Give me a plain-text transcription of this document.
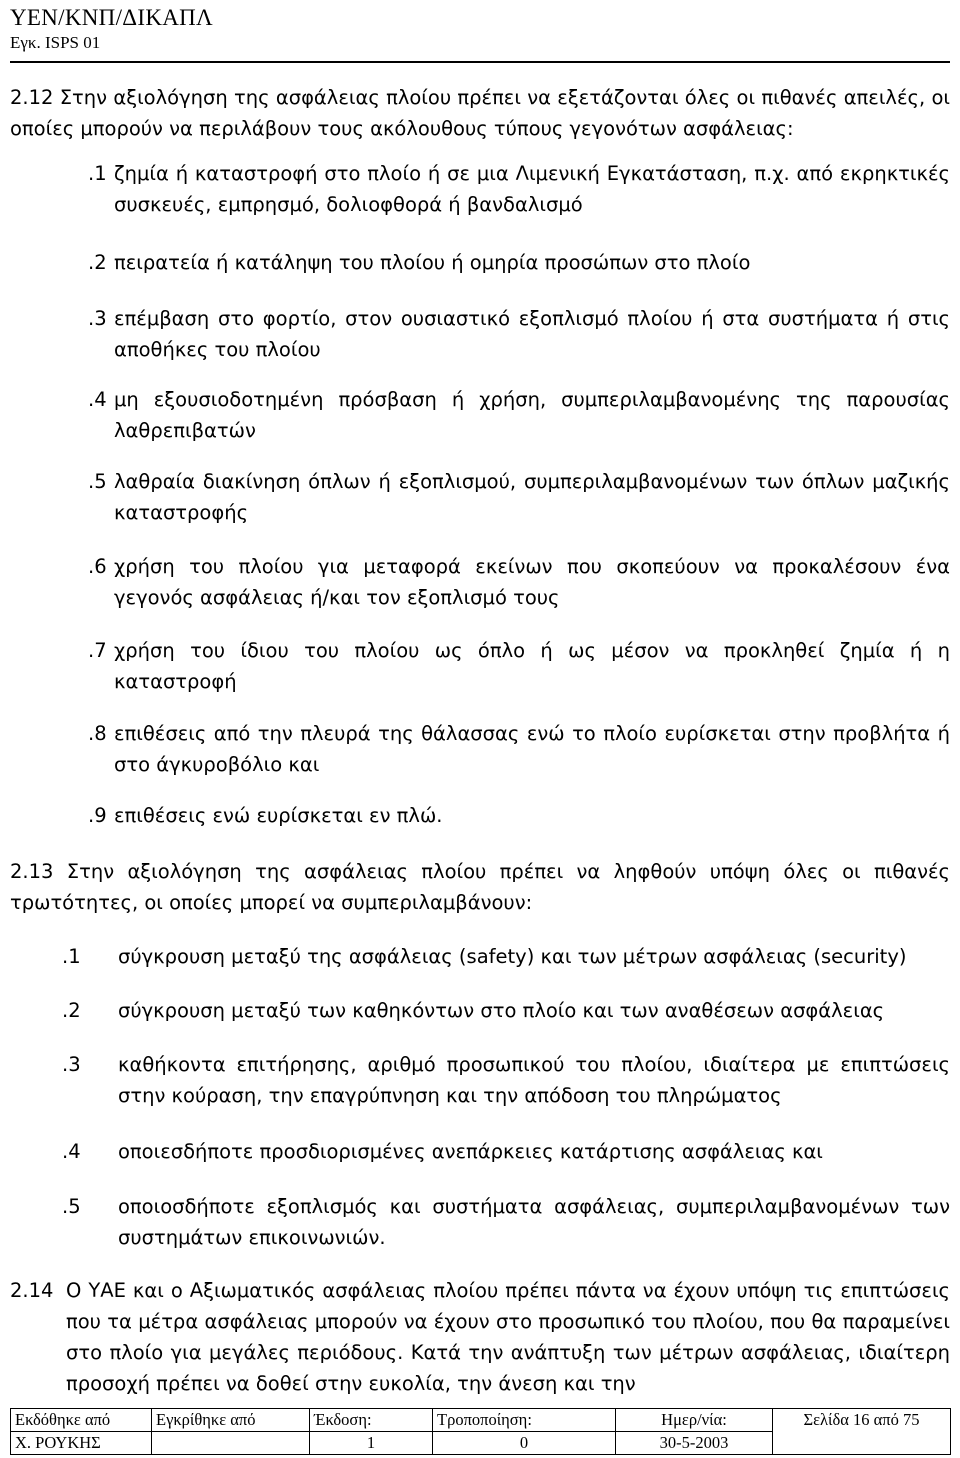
ΥΕΝ/ΚΝΠ/ΔΙΚΑΠΛ
Εγκ. ISPS 01

2.12 Στην αξιολόγηση της ασφάλειας πλοίου πρέπει να εξετάζονται όλες οι πιθανές απειλές, οι οποίες μπορούν να περιλάβουν τους ακόλουθους τύπους γεγονότων ασφάλειας:

.1 ζημία ή καταστροφή στο πλοίο ή σε μια Λιμενική Εγκατάσταση, π.χ. από εκρηκτικές συσκευές, εμπρησμό, δολιοφθορά ή βανδαλισμό
.2 πειρατεία ή κατάληψη του πλοίου ή ομηρία προσώπων στο πλοίο
.3 επέμβαση στο φορτίο, στον ουσιαστικό εξοπλισμό πλοίου ή στα συστήματα ή στις αποθήκες του πλοίου
.4 μη εξουσιοδοτημένη πρόσβαση ή χρήση, συμπεριλαμβανομένης της παρουσίας λαθρεπιβατών
.5 λαθραία διακίνηση όπλων ή εξοπλισμού, συμπεριλαμβανομένων των όπλων μαζικής καταστροφής
.6 χρήση του πλοίου για μεταφορά εκείνων που σκοπεύουν να προκαλέσουν ένα γεγονός ασφάλειας ή/και τον εξοπλισμό τους
.7 χρήση του ίδιου του πλοίου ως όπλο ή ως μέσον να προκληθεί ζημία ή η καταστροφή
.8 επιθέσεις από την πλευρά της θάλασσας ενώ το πλοίο ευρίσκεται στην προβλήτα ή στο άγκυροβόλιο και
.9 επιθέσεις ενώ ευρίσκεται εν πλώ.

2.13 Στην αξιολόγηση της ασφάλειας πλοίου πρέπει να ληφθούν υπόψη όλες οι πιθανές τρωτότητες, οι οποίες μπορεί να συμπεριλαμβάνουν:

.1 σύγκρουση μεταξύ της ασφάλειας (safety) και των μέτρων ασφάλειας (security)
.2 σύγκρουση μεταξύ των καθηκόντων στο πλοίο και των αναθέσεων ασφάλειας
.3 καθήκοντα επιτήρησης, αριθμό προσωπικού του πλοίου, ιδιαίτερα με επιπτώσεις στην κούραση, την επαγρύπνηση και την απόδοση του πληρώματος
.4 οποιεσδήποτε προσδιορισμένες ανεπάρκειες κατάρτισης ασφάλειας και
.5 οποιοσδήποτε εξοπλισμός και συστήματα ασφάλειας, συμπεριλαμβανομένων των συστημάτων επικοινωνιών.
2.14 Ο ΥΑΕ και ο Αξιωματικός ασφάλειας πλοίου πρέπει πάντα να έχουν υπόψη τις επιπτώσεις που τα μέτρα ασφάλειας μπορούν να έχουν στο προσωπικό του πλοίου, που θα παραμείνει στο πλοίο για μεγάλες περιόδους. Κατά την ανάπτυξη των μέτρων ασφάλειας, ιδιαίτερη προσοχή πρέπει να δοθεί στην ευκολία, την άνεση και την
Εκδόθηκε από	Εγκρίθηκε από	Έκδοση:	Τροποποίηση:	Ημερ/νία:	Σελίδα 16 από 75
Χ. ΡΟΥΚΗΣ		1	0	30-5-2003	
